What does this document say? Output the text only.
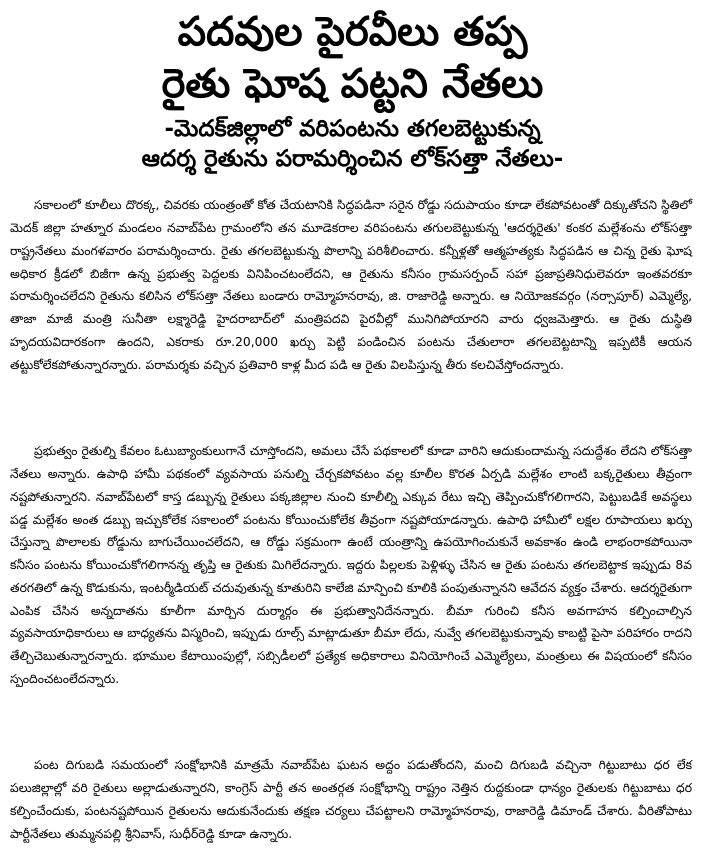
పదవుల పైరవీలు తప్ప
రైతు ఘోష పట్టని నేతలు
-మెదక్‌జిల్లాలో వరిపంటను తగలబెట్టుకున్న
ఆదర్శ రైతును పరామర్శించిన లోక్‌సత్తా నేతలు-

సకాలంలో కూలీలు దొరక్క, చివరకు యంత్రంతో కోత చేయటానికి సిద్ధపడినా సరైన రోడ్డు సదుపాయం కూడా లేకపోవటంతో దిక్కుతోచని స్థితిలో మెదక్ జిల్లా హత్నూర మండలం నవాబ్‌పేట గ్రామంలోని తన మూడెకరాల వరిపంటను తగులబెట్టుకున్న 'ఆదర్శరైతు' కంకర మల్లేశంను లోక్‌సత్తా రాష్ట్రనేతలు మంగళవారం పరామర్శించారు. రైతు తగలబెట్టుకున్న పొలాన్ని పరిశీలించారు. కన్నీళ్లతో ఆత్మహత్యకు సిద్ధపడిన ఆ చిన్న రైతు ఘోష అధికార క్రీడలో బిజీగా ఉన్న ప్రభుత్వ పెద్దలకు వినిపించటంలేదని, ఆ రైతును కనీసం గ్రామసర్పంచ్ సహా ప్రజాప్రతినిధులెవరూ ఇంతవరకూ పరామర్శించలేదని రైతును కలిసిన లోక్‌సత్తా నేతలు బండారు రామ్మోహనరావు, జి. రాజారెడ్డి అన్నారు. ఆ నియోజకవర్గం (నర్సాపూర్) ఎమ్మెల్యే, తాజా మాజీ మంత్రి సునీతా లక్ష్మారెడ్డి హైదరాబాద్‌లో మంత్రిపదవి పైరవీల్లో మునిగిపోయారని వారు ధ్వజమెత్తారు. ఆ రైతు దుస్థితి హృదయవిదారకంగా ఉందని, ఎకరాకు రూ.20,000 ఖర్చు పెట్టి పండించిన పంటను చేతులారా తగలబెట్టటాన్ని ఇప్పటికీ ఆయన తట్టుకోలేకపోతున్నారన్నారు. పరామర్శకు వచ్చిన ప్రతివారి కాళ్ల మీద పడి ఆ రైతు విలపిస్తున్న తీరు కలచివేస్తోందన్నారు.

ప్రభుత్వం రైతుల్ని కేవలం ఓటుబ్యాంకులుగానే చూస్తోందని, అమలు చేసే పథకాలలో కూడా వారిని ఆదుకుందామన్న సదుద్దేశం లేదని లోక్‌సత్తా నేతలు అన్నారు. ఉపాధి హామీ పథకంలో వ్యవసాయ పనుల్ని చేర్చకపోవటం వల్ల కూలీల కొరత ఏర్పడి మల్లేశం లాంటి బక్కరైతులు తీవ్రంగా నష్టపోతున్నారని. నవాబ్‌పేటలో కాస్త డబ్బున్న రైతులు పక్కజిల్లాల నుంచి కూలీల్ని ఎక్కువ రేటు ఇచ్చి తెప్పించుకోగలిగారని, పెట్టుబడికే అవస్థలు పడ్డ మల్లేశం అంత డబ్బు ఇచ్చుకోలేక సకాలంలో పంటను కోయించుకోలేక తీవ్రంగా నష్టపోయాడన్నారు. ఉపాధి హామీలో లక్షల రూపాయలు ఖర్చు చేస్తున్నా పొలాలకు రోడ్డును బాగుచేయించలేదని, ఆ రోడ్డు సక్రమంగా ఉంటే యంత్రాన్ని ఉపయోగించుకునే అవకాశం ఉండి లాభంరాకపోయినా కనీసం పంటను కోయించుకోగలిగానన్న తృప్తి ఆ రైతుకు మిగిలేదన్నారు. ఇద్దరు పిల్లలకు పెళ్లిళ్ళు చేసిన ఆ రైతు పంటను తగలబెట్టాక ఇప్పుడు 8వ తరగతిలో ఉన్న కొడుకును, ఇంటర్మీడియట్ చదువుతున్న కూతురిని కాలేజి మాన్పించి కూలికి పంపుతున్నానని ఆవేదన వ్యక్తం చేశారు. ఆదర్శరైతుగా ఎంపిక చేసిన అన్నదాతను కూలీగా మార్చిన దుర్మార్గం ఈ ప్రభుత్వానిదేనన్నారు. బీమా గురించి కనీస అవగాహన కల్పించాల్సిన వ్యవసాయాధికారులు ఆ బాధ్యతను విస్మరించి, ఇప్పుడు రూల్స్ మాట్లాడుతూ బీమా లేదు, నువ్వే తగలబెట్టుకున్నావు కాబట్టి పైసా పరిహారం రాదని తేల్చిచెబుతున్నారన్నారు. భూముల కేటాయింపుల్లో, సబ్సిడీలలో ప్రత్యేక అధికారాలు వినియోగించే ఎమ్మెల్యేలు, మంత్రులు ఈ విషయంలో కనీసం స్పందించటంలేదన్నారు.

పంట దిగుబడి సమయంలో సంక్షోభానికి మాత్రమే నవాబ్‌పేట ఘటన అద్దం పడుతోందని, మంచి దిగుబడి వచ్చినా గిట్టుబాటు ధర లేక పలుజిల్లాల్లో వరి రైతులు అల్లాడుతున్నారని, కాంగ్రెస్ పార్టీ తన అంతర్గత సంక్షోభాన్ని రాష్ట్రం నెత్తిన రుద్దకుండా ధాన్యం రైతులకు గిట్టుబాటు ధర కల్పించేందుకు, పంటనష్టపోయిన రైతులను ఆదుకునేందుకు తక్షణ చర్యలు చేపట్టాలని రామ్మోహనరావు, రాజారెడ్డి డిమాండ్ చేశారు. వీరితోపాటు పార్టీనేతలు తుమ్మనపల్లి శ్రీనివాస్, సుధీర్‌రెడ్డి కూడా ఉన్నారు.
